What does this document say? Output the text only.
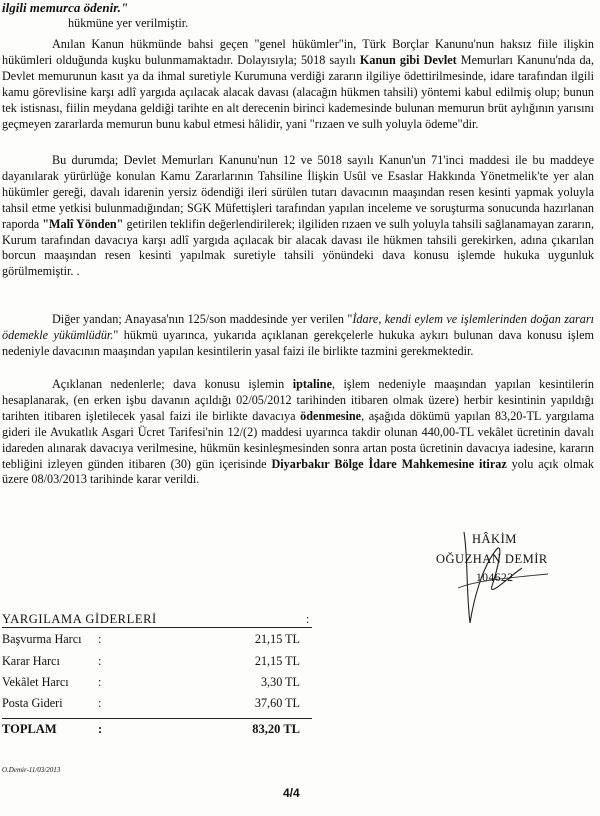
ilgili memurca ödenir."
hükmüne yer verilmiştir.

Anılan Kanun hükmünde bahsi geçen "genel hükümler"in, Türk Borçlar Kanunu'nun haksız fiile ilişkin hükümleri olduğunda kuşku bulunmamaktadır. Dolayısıyla; 5018 sayılı Kanun gibi Devlet Memurları Kanunu'nda da, Devlet memurunun kasıt ya da ihmal suretiyle Kurumuna verdiği zararın ilgiliye ödettirilmesinde, idare tarafından ilgili kamu görevlisine karşı adlî yargıda açılacak alacak davası (alacağın hükmen tahsili) yöntemi kabul edilmiş olup; bunun tek istisnası, fiilin meydana geldiği tarihte en alt derecenin birinci kademesinde bulunan memurun brüt aylığının yarısını geçmeyen zararlarda memurun bunu kabul etmesi hâlidir, yani "rızaen ve sulh yoluyla ödeme"dir.

Bu durumda; Devlet Memurları Kanunu'nun 12 ve 5018 sayılı Kanun'un 71'inci maddesi ile bu maddeye dayanılarak yürürlüğe konulan Kamu Zararlarının Tahsiline İlişkin Usûl ve Esaslar Hakkında Yönetmelik'te yer alan hükümler gereği, davalı idarenin yersiz ödendiği ileri sürülen tutarı davacının maaşından resen kesinti yapmak yoluyla tahsil etme yetkisi bulunmadığından; SGK Müfettişleri tarafından yapılan inceleme ve soruşturma sonucunda hazırlanan raporda "Malî Yönden" getirilen teklifin değerlendirilerek; ilgiliden rızaen ve sulh yoluyla tahsili sağlanamayan zararın, Kurum tarafından davacıya karşı adlî yargıda açılacak bir alacak davası ile hükmen tahsili gerekirken, adına çıkarılan borcun maaşından resen kesinti yapılmak suretiyle tahsili yönündeki dava konusu işlemde hukuka uygunluk görülmemiştir. .

Diğer yandan; Anayasa'nın 125/son maddesinde yer verilen "İdare, kendi eylem ve işlemlerinden doğan zararı ödemekle yükümlüdür." hükmü uyarınca, yukarıda açıklanan gerekçelerle hukuka aykırı bulunan dava konusu işlem nedeniyle davacının maaşından yapılan kesintilerin yasal faizi ile birlikte tazmini gerekmektedir.

Açıklanan nedenlerle; dava konusu işlemin iptaline, işlem nedeniyle maaşından yapılan kesintilerin hesaplanarak, (en erken işbu davanın açıldığı 02/05/2012 tarihinden itibaren olmak üzere) herbir kesintinin yapıldığı tarihten itibaren işletilecek yasal faizi ile birlikte davacıya ödenmesine, aşağıda dökümü yapılan 83,20-TL yargılama gideri ile Avukatlık Asgari Ücret Tarifesi'nin 12/(2) maddesi uyarınca takdir olunan 440,00-TL vekâlet ücretinin davalı idareden alınarak davacıya verilmesine, hükmün kesinleşmesinden sonra artan posta ücretinin davacıya iadesine, kararın tebliğini izleyen günden itibaren (30) gün içerisinde Diyarbakır Bölge İdare Mahkemesine itiraz yolu açık olmak üzere 08/03/2013 tarihinde karar verildi.

HÂKİM
OĞUZHAN DEMİR
104622
YARGILAMA GİDERLERİ	:
Başvurma Harcı :	21,15 TL
Karar Harcı	:	21,15 TL
Vekâlet Harcı :	3,30 TL
Posta Gideri	:	37,60 TL
TOPLAM	:	83,20 TL
O.Demir-11/03/2013
4/4
